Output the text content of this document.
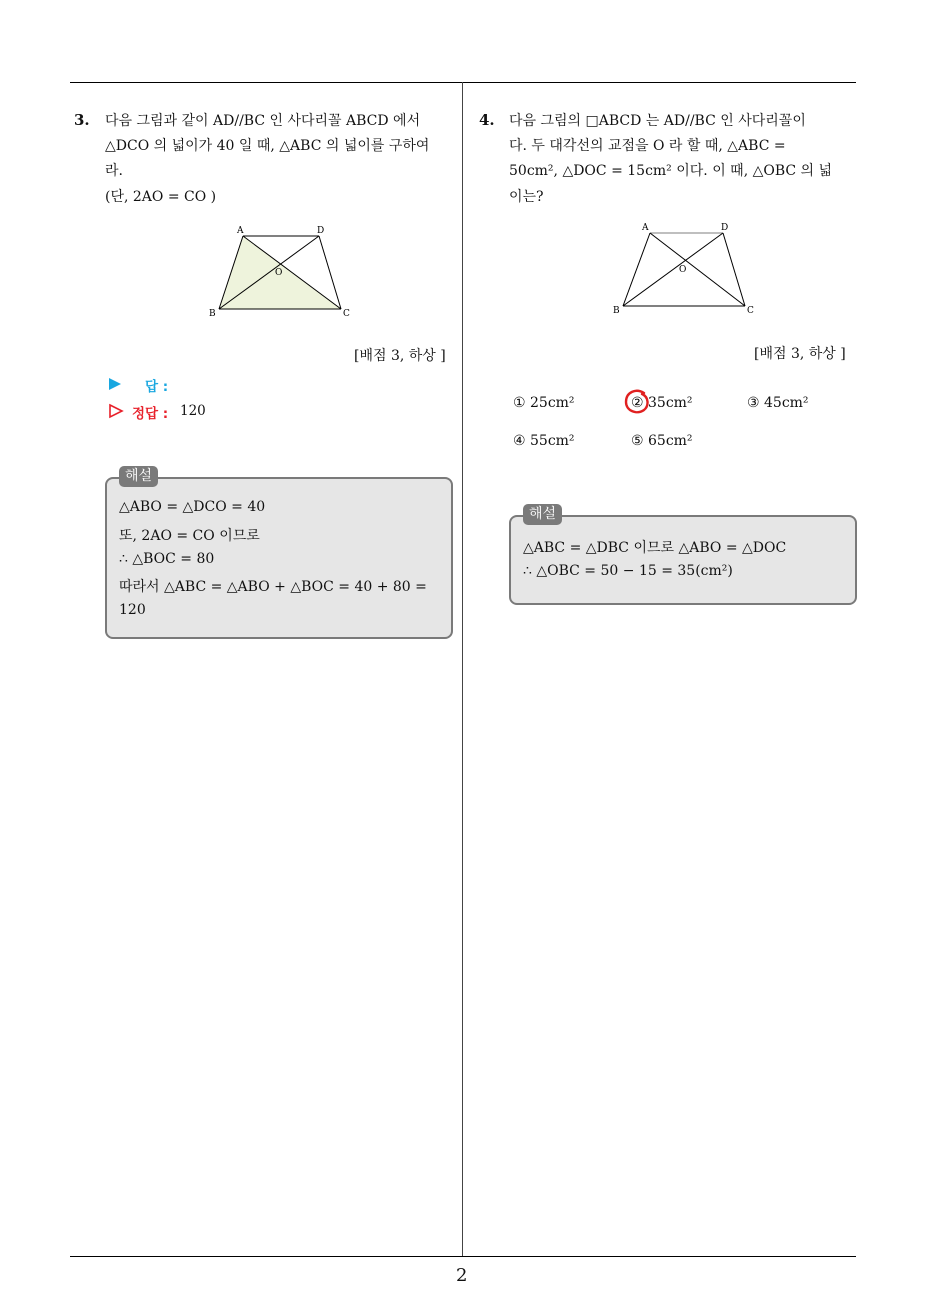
2
3. 다음 그림과 같이 AD//BC 인 사다리꼴 ABCD 에서
△DCO 의 넓이가 40 일 때, △ABC 의 넓이를 구하여
라.
(단, 2AO = CO )
A	D
B	C
O
[배점 3, 하상 ]
답 :
정답 : 120
△ABO = △DCO = 40
또, 2AO = CO 이므로
∴ △BOC = 80
따라서 △ABC = △ABO + △BOC = 40 + 80 =
120
해설
4. 다음 그림의 □ABCD 는 AD//BC 인 사다리꼴이
다. 두 대각선의 교점을 O 라 할 때, △ABC =
50cm², △DOC = 15cm² 이다. 이 때, △OBC 의 넓
이는?
A	D
B	C
O
[배점 3, 하상 ]
① 25cm²	② 35cm²	③ 45cm²
④ 55cm²	⑤ 65cm²
△ABC = △DBC 이므로 △ABO = △DOC
∴ △OBC = 50 − 15 = 35(cm²)
해설
